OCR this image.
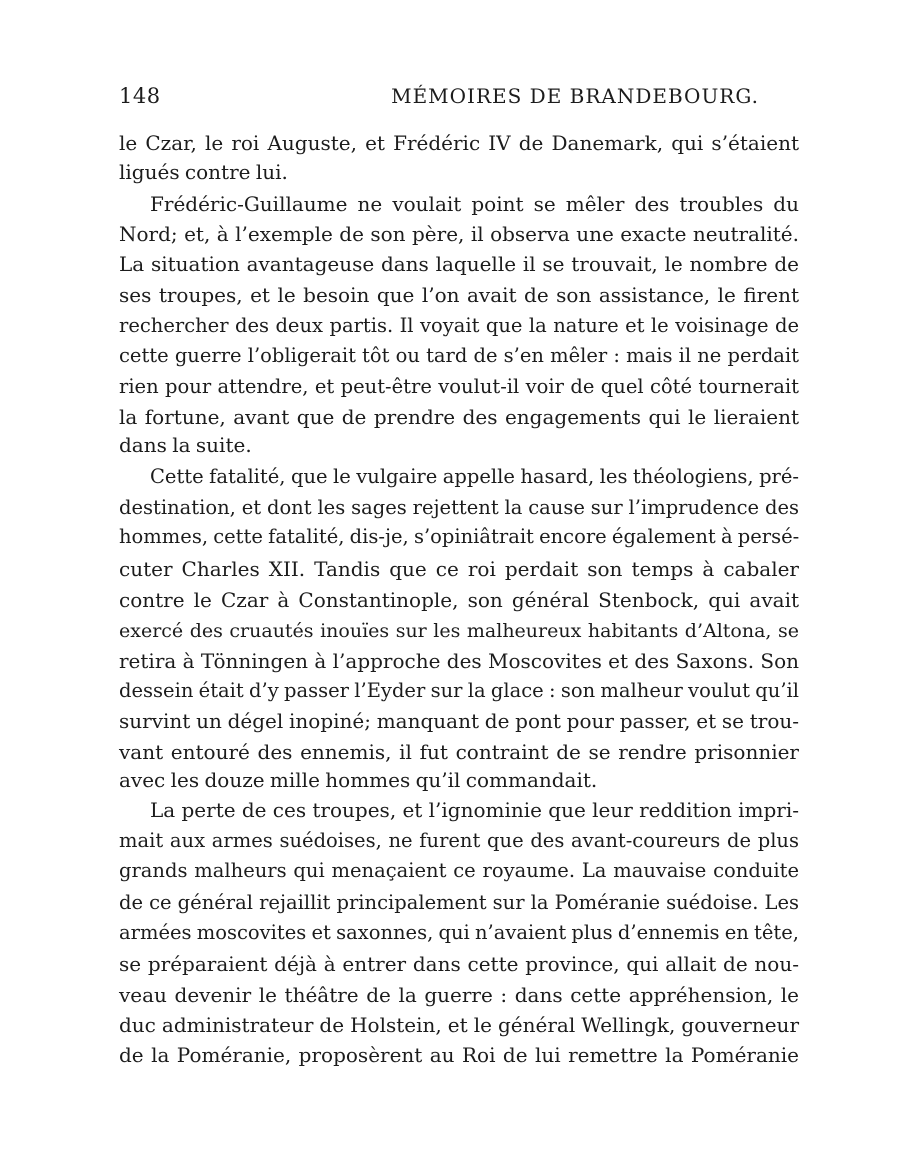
148	MÉMOIRES DE BRANDEBOURG.
le Czar, le roi Auguste, et Frédéric IV de Danemark, qui s’étaient
ligués contre lui.
Frédéric-Guillaume ne voulait point se mêler des troubles du
Nord; et, à l’exemple de son père, il observa une exacte neutralité.
La situation avantageuse dans laquelle il se trouvait, le nombre de
ses troupes, et le besoin que l’on avait de son assistance, le firent
rechercher des deux partis. Il voyait que la nature et le voisinage de
cette guerre l’obligerait tôt ou tard de s’en mêler : mais il ne perdait
rien pour attendre, et peut-être voulut-il voir de quel côté tournerait
la fortune, avant que de prendre des engagements qui le lieraient
dans la suite.
Cette fatalité, que le vulgaire appelle hasard, les théologiens, pré-
destination, et dont les sages rejettent la cause sur l’imprudence des
hommes, cette fatalité, dis-je, s’opiniâtrait encore également à persé-
cuter Charles XII. Tandis que ce roi perdait son temps à cabaler
contre le Czar à Constantinople, son général Stenbock, qui avait
exercé des cruautés inouïes sur les malheureux habitants d’Altona, se
retira à Tönningen à l’approche des Moscovites et des Saxons. Son
dessein était d’y passer l’Eyder sur la glace : son malheur voulut qu’il
survint un dégel inopiné; manquant de pont pour passer, et se trou-
vant entouré des ennemis, il fut contraint de se rendre prisonnier
avec les douze mille hommes qu’il commandait.
La perte de ces troupes, et l’ignominie que leur reddition impri-
mait aux armes suédoises, ne furent que des avant-coureurs de plus
grands malheurs qui menaçaient ce royaume. La mauvaise conduite
de ce général rejaillit principalement sur la Poméranie suédoise. Les
armées moscovites et saxonnes, qui n’avaient plus d’ennemis en tête,
se préparaient déjà à entrer dans cette province, qui allait de nou-
veau devenir le théâtre de la guerre : dans cette appréhension, le
duc administrateur de Holstein, et le général Wellingk, gouverneur
de la Poméranie, proposèrent au Roi de lui remettre la Poméranie
